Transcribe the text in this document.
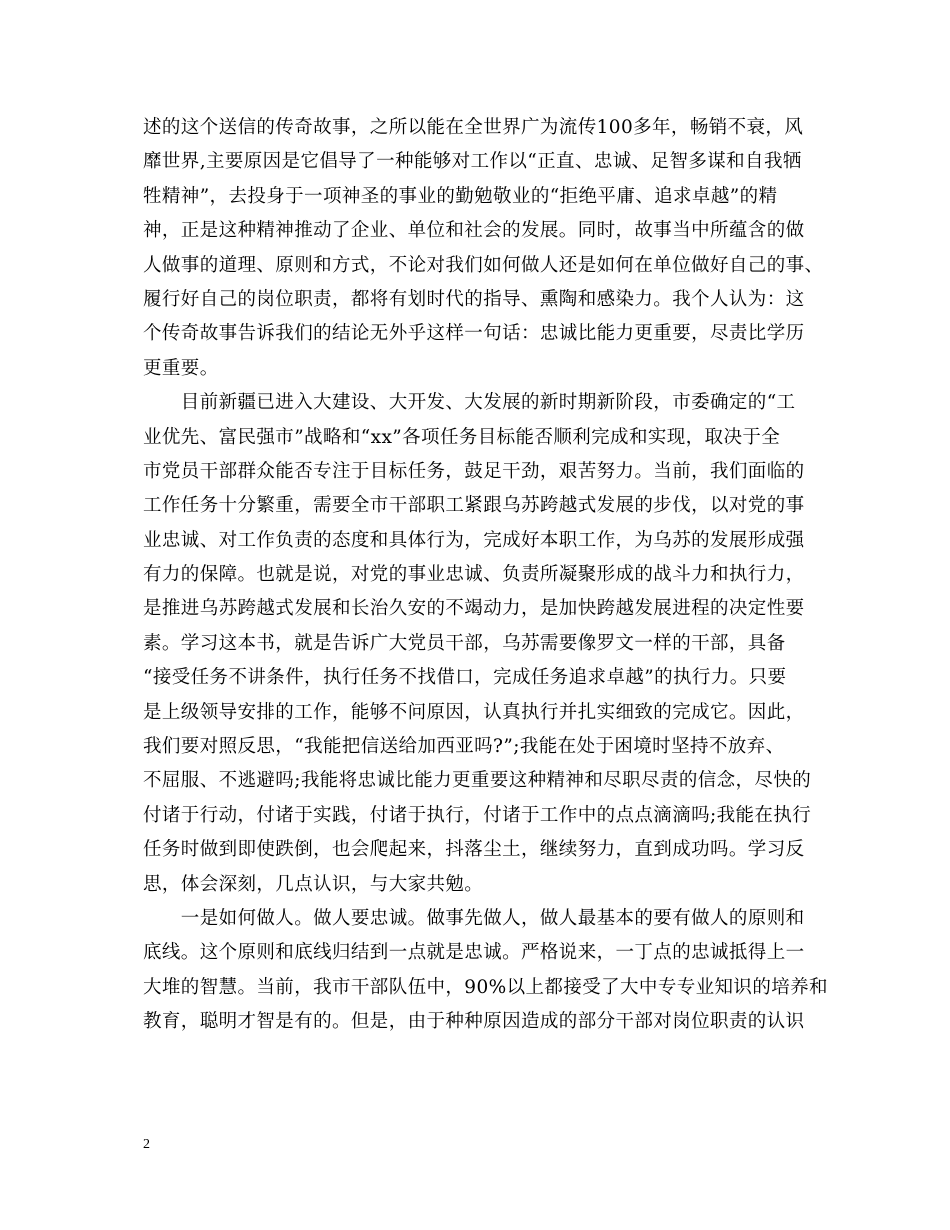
述的这个送信的传奇故事，之所以能在全世界广为流传100多年，畅销不衰，风
靡世界,主要原因是它倡导了一种能够对工作以“正直、忠诚、足智多谋和自我牺
牲精神”，去投身于一项神圣的事业的勤勉敬业的“拒绝平庸、追求卓越”的精
神，正是这种精神推动了企业、单位和社会的发展。同时，故事当中所蕴含的做
人做事的道理、原则和方式，不论对我们如何做人还是如何在单位做好自己的事、
履行好自己的岗位职责，都将有划时代的指导、熏陶和感染力。我个人认为：这
个传奇故事告诉我们的结论无外乎这样一句话：忠诚比能力更重要，尽责比学历
更重要。
　　目前新疆已进入大建设、大开发、大发展的新时期新阶段，市委确定的“工
业优先、富民强市”战略和“xx”各项任务目标能否顺利完成和实现，取决于全
市党员干部群众能否专注于目标任务，鼓足干劲，艰苦努力。当前，我们面临的
工作任务十分繁重，需要全市干部职工紧跟乌苏跨越式发展的步伐，以对党的事
业忠诚、对工作负责的态度和具体行为，完成好本职工作，为乌苏的发展形成强
有力的保障。也就是说，对党的事业忠诚、负责所凝聚形成的战斗力和执行力，
是推进乌苏跨越式发展和长治久安的不竭动力，是加快跨越发展进程的决定性要
素。学习这本书，就是告诉广大党员干部，乌苏需要像罗文一样的干部，具备
“接受任务不讲条件，执行任务不找借口，完成任务追求卓越”的执行力。只要
是上级领导安排的工作，能够不问原因，认真执行并扎实细致的完成它。因此，
我们要对照反思，“我能把信送给加西亚吗?”;我能在处于困境时坚持不放弃、
不屈服、不逃避吗;我能将忠诚比能力更重要这种精神和尽职尽责的信念，尽快的
付诸于行动，付诸于实践，付诸于执行，付诸于工作中的点点滴滴吗;我能在执行
任务时做到即使跌倒，也会爬起来，抖落尘土，继续努力，直到成功吗。学习反
思，体会深刻，几点认识，与大家共勉。
　　一是如何做人。做人要忠诚。做事先做人，做人最基本的要有做人的原则和
底线。这个原则和底线归结到一点就是忠诚。严格说来，一丁点的忠诚抵得上一
大堆的智慧。当前，我市干部队伍中，90%以上都接受了大中专专业知识的培养和
教育，聪明才智是有的。但是，由于种种原因造成的部分干部对岗位职责的认识
2
